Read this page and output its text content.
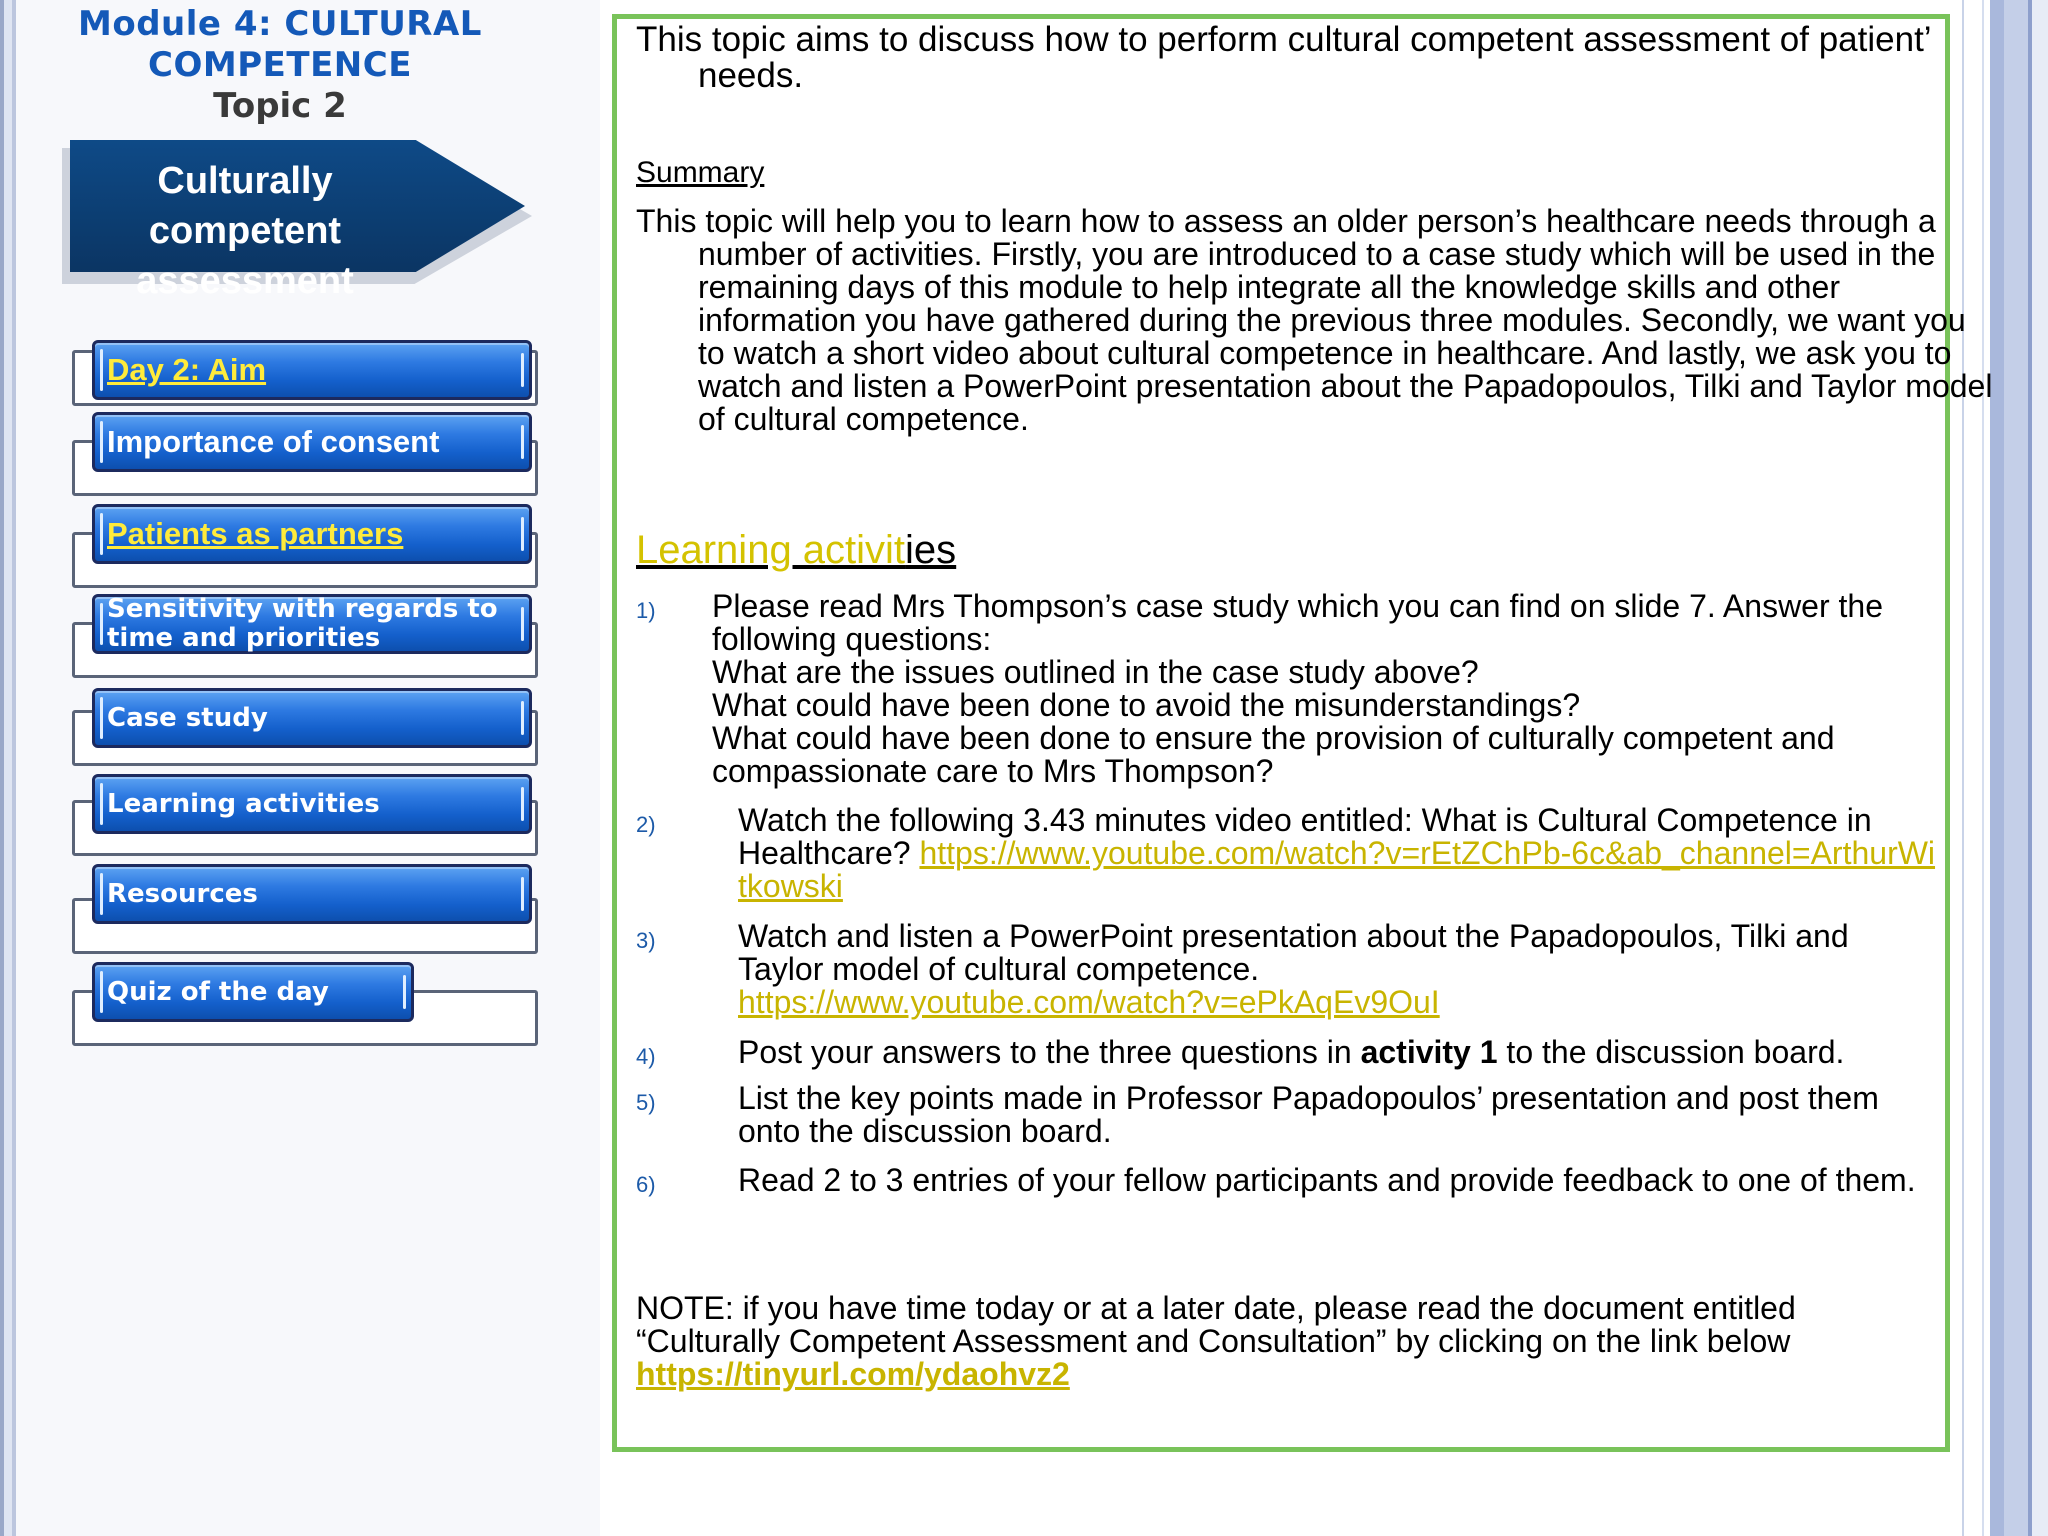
Module 4: CULTURAL COMPETENCE
Topic 2
Culturally competent assessment
Day 2: Aim
Importance of consent
Patients as partners
Sensitivity with regards to time and priorities
Case study
Learning activities
Resources
Quiz of the day
This topic aims to discuss how to perform cultural competent assessment of patient’ needs.
Summary
This topic will help you to learn how to assess an older person’s healthcare needs through a number of activities. Firstly, you are introduced to a case study which will be used in the remaining days of this module to help integrate all the knowledge skills and other information you have gathered during the previous three modules. Secondly, we want you to watch a short video about cultural competence in healthcare. And lastly, we ask you to watch and listen a PowerPoint presentation about the Papadopoulos, Tilki and Taylor model of cultural competence.
Learning activities
1) Please read Mrs Thompson’s case study which you can find on slide 7. Answer the following questions:
What are the issues outlined in the case study above?
What could have been done to avoid the misunderstandings?
What could have been done to ensure the provision of culturally competent and compassionate care to Mrs Thompson?
2)	Watch the following 3.43 minutes video entitled: What is Cultural Competence in Healthcare? https://www.youtube.com/watch?v=rEtZChPb-6c&ab_channel=ArthurWitkowski
3)	Watch and listen a PowerPoint presentation about the Papadopoulos, Tilki and Taylor model of cultural competence.
https://www.youtube.com/watch?v=ePkAqEv9OuI
4)	Post your answers to the three questions in activity 1 to the discussion board.
5)	List the key points made in Professor Papadopoulos’ presentation and post them onto the discussion board.
6)	Read 2 to 3 entries of your fellow participants and provide feedback to one of them.
NOTE: if you have time today or at a later date, please read the document entitled
“Culturally Competent Assessment and Consultation” by clicking on the link below
https://tinyurl.com/ydaohvz2
